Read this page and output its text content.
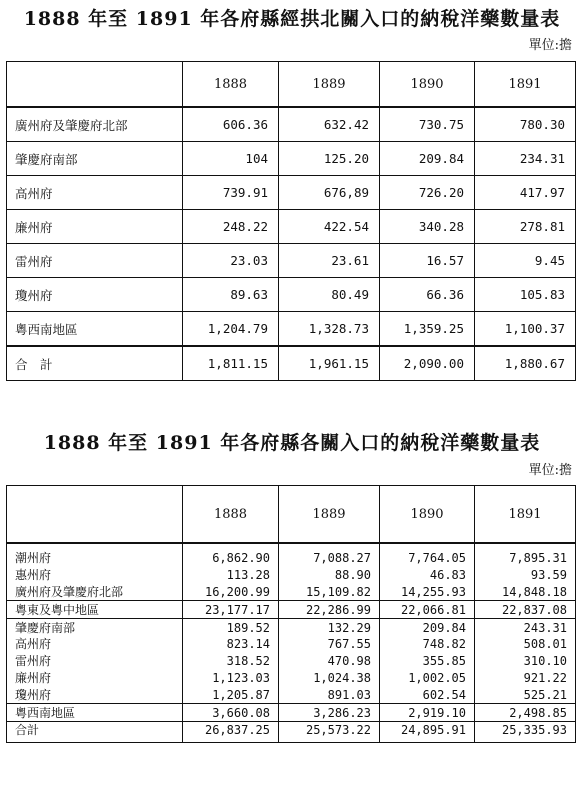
1888 年至 1891 年各府縣經拱北關入口的納稅洋藥數量表
單位:擔
	1888	1889	1890	1891
廣州府及肇慶府北部	606.36	632.42	730.75	780.30
肇慶府南部	104	125.20	209.84	234.31
高州府	739.91	676,89	726.20	417.97
廉州府	248.22	422.54	340.28	278.81
雷州府	23.03	23.61	16.57	9.45
瓊州府	89.63	80.49	66.36	105.83
粵西南地區	1,204.79	1,328.73	1,359.25	1,100.37
合　計	1,811.15	1,961.15	2,090.00	1,880.67
1888 年至 1891 年各府縣各關入口的納稅洋藥數量表
單位:擔
	1888	1889	1890	1891
潮州府	6,862.90	7,088.27	7,764.05	7,895.31
惠州府	113.28	88.90	46.83	93.59
廣州府及肇慶府北部	16,200.99	15,109.82	14,255.93	14,848.18
粵東及粵中地區	23,177.17	22,286.99	22,066.81	22,837.08
肇慶府南部	189.52	132.29	209.84	243.31
高州府	823.14	767.55	748.82	508.01
雷州府	318.52	470.98	355.85	310.10
廉州府	1,123.03	1,024.38	1,002.05	921.22
瓊州府	1,205.87	891.03	602.54	525.21
粵西南地區	3,660.08	3,286.23	2,919.10	2,498.85
合計	26,837.25	25,573.22	24,895.91	25,335.93
